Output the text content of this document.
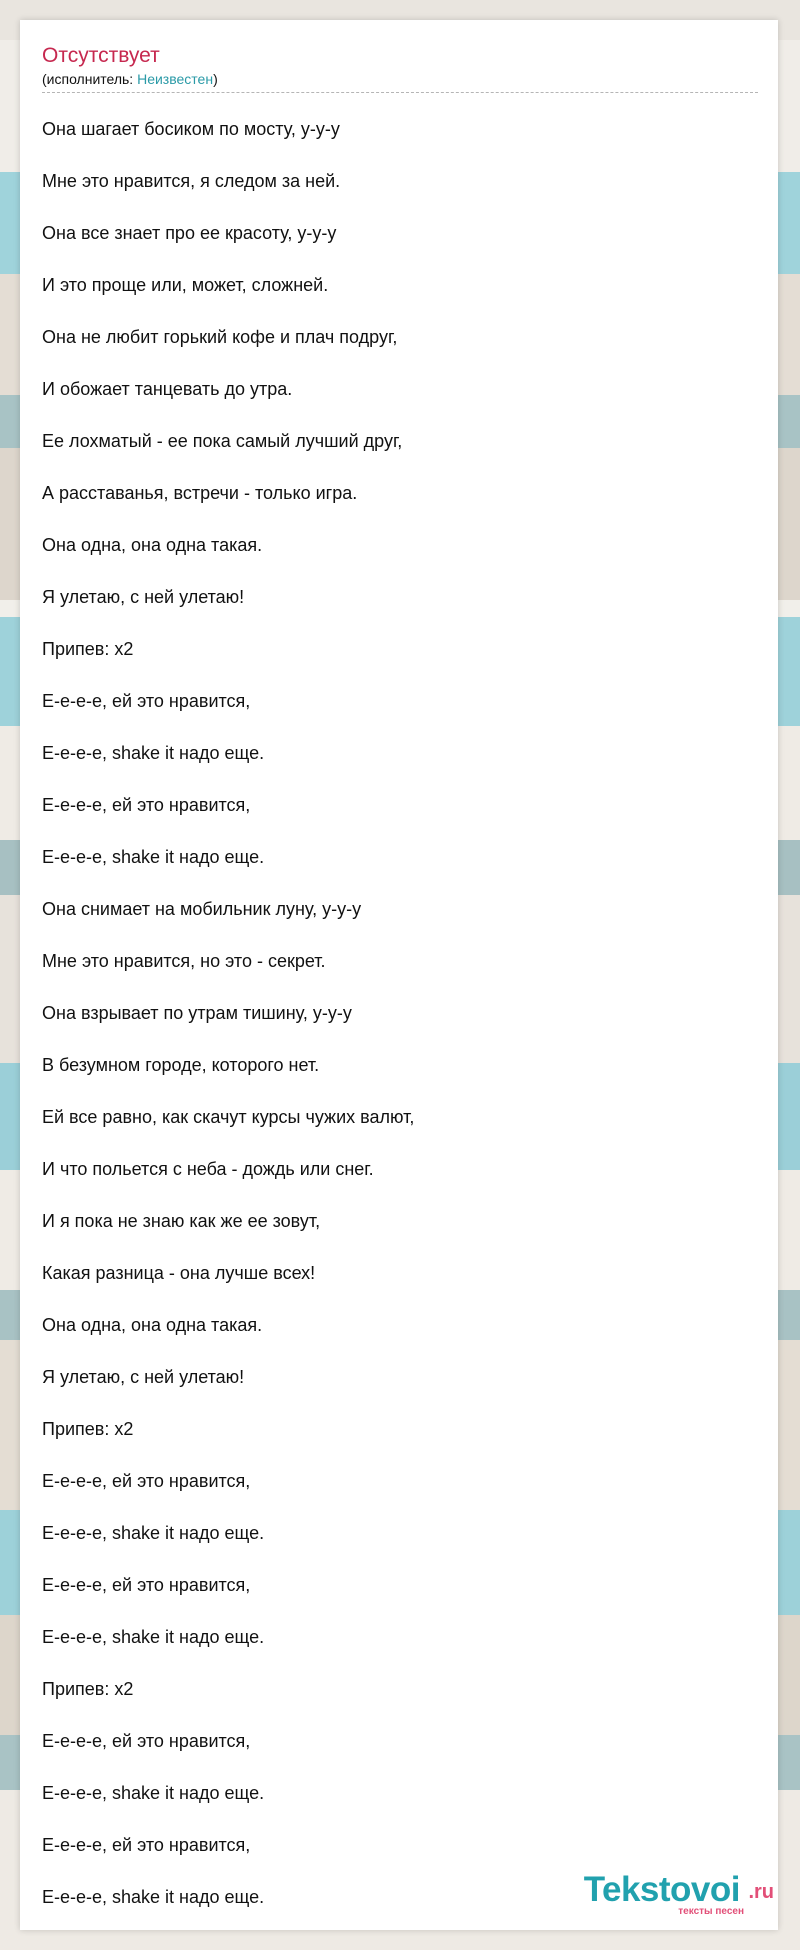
Отсутствует
(исполнитель: Неизвестен)
Она шагает босиком по мосту, у-у-у
Мне это нравится, я следом за ней.
Она все знает про ее красоту, у-у-у
И это проще или, может, сложней.
Она не любит горький кофе и плач подруг,
И обожает танцевать до утра.
Ее лохматый - ее пока самый лучший друг,
А расставанья, встречи - только игра.
Она одна, она одна такая.
Я улетаю, с ней улетаю!
Припев: x2
Е-е-е-е, ей это нравится,
Е-е-е-е, shake it надо еще.
Е-е-е-е, ей это нравится,
Е-е-е-е, shake it надо еще.
Она снимает на мобильник луну, у-у-у
Мне это нравится, но это - секрет.
Она взрывает по утрам тишину, у-у-у
В безумном городе, которого нет.
Ей все равно, как скачут курсы чужих валют,
И что польется с неба - дождь или снег.
И я пока не знаю как же ее зовут,
Какая разница - она лучше всех!
Она одна, она одна такая.
Я улетаю, с ней улетаю!
Припев: x2
Е-е-е-е, ей это нравится,
Е-е-е-е, shake it надо еще.
Е-е-е-е, ей это нравится,
Е-е-е-е, shake it надо еще.
Припев: x2
Е-е-е-е, ей это нравится,
Е-е-е-е, shake it надо еще.
Е-е-е-е, ей это нравится,
Е-е-е-е, shake it надо еще.	Tekstovoi .ru
тексты песен
